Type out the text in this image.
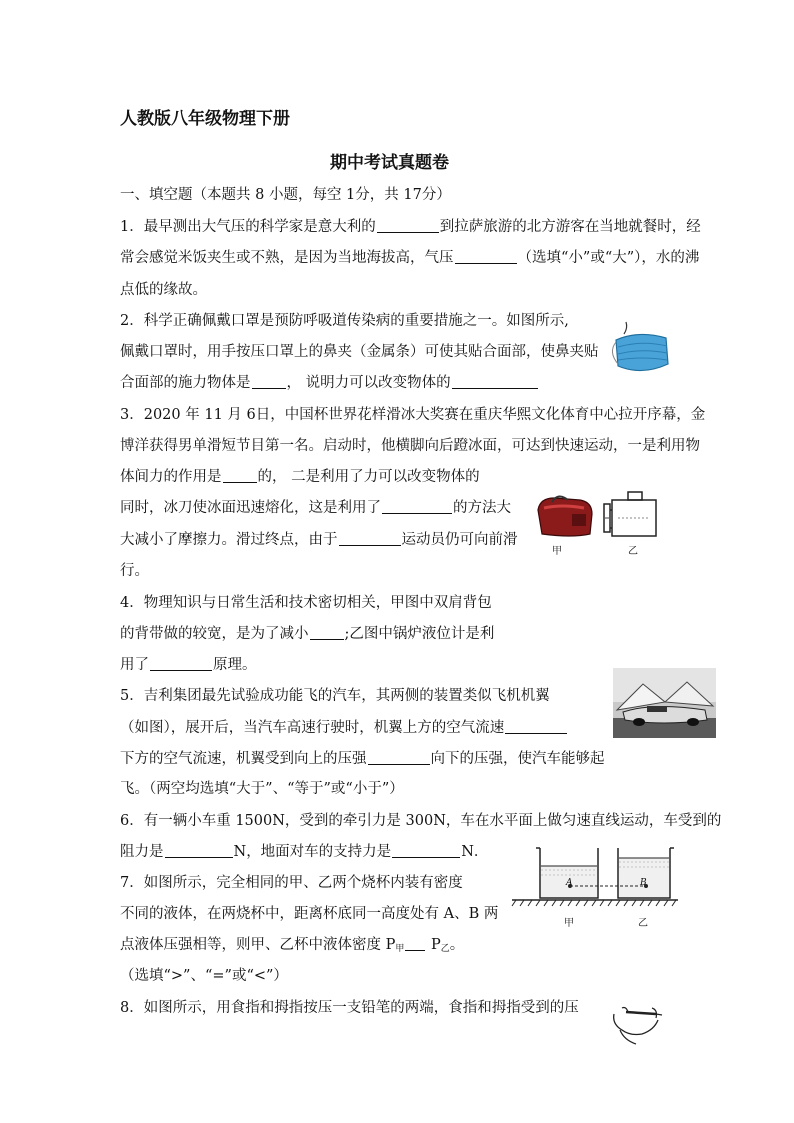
人教版八年级物理下册
期中考试真题卷
一、填空题（本题共 8 小题，每空 1分，共 17分）
1．最早测出大气压的科学家是意大利的	到拉萨旅游的北方游客在当地就餐时，经
常会感觉米饭夹生或不熟，是因为当地海拔高，气压	（选填“小”或“大”），水的沸
点低的缘故。
2．科学正确佩戴口罩是预防呼吸道传染病的重要措施之一。如图所示,
佩戴口罩时，用手按压口罩上的鼻夹（金属条）可使其贴合面部，使鼻夹贴
合面部的施力物体是 ， 说明力可以改变物体的
3．2020 年 11 月 6日，中国杯世界花样滑冰大奖赛在重庆华熙文化体育中心拉开序幕，金
博洋获得男单滑短节目第一名。启动时，他横脚向后蹬冰面，可达到快速运动，一是利用物
体间力的作用是 的， 二是利用了力可以改变物体的
同时，冰刀使冰面迅速熔化，这是利用了	的方法大
大减小了摩擦力。滑过终点，由于	运动员仍可向前滑
行。
甲	乙
4．物理知识与日常生活和技术密切相关，甲图中双肩背包
的背带做的较宽，是为了减小 ;乙图中锅炉液位计是利
用了	原理。
5．吉利集团最先试验成功能飞的汽车，其两侧的装置类似飞机机翼
（如图），展开后，当汽车高速行驶时，机翼上方的空气流速
下方的空气流速，机翼受到向上的压强	向下的压强，使汽车能够起
飞。（两空均选填“大于”、“等于”或“小于”）
6．有一辆小车重 1500N，受到的牵引力是 300N，车在水平面上做匀速直线运动，车受到的
阻力是	N，地面对车的支持力是	N．
A	B
甲	乙
7．如图所示，完全相同的甲、乙两个烧杯内装有密度
不同的液体，在两烧杯中，距离杯底同一高度处有 A、B 两
点液体压强相等，则甲、乙杯中液体密度 $P_甲$ $P_乙$。
（选填“>”、“=”或“<”）
8．如图所示，用食指和拇指按压一支铅笔的两端，食指和拇指受到的压
